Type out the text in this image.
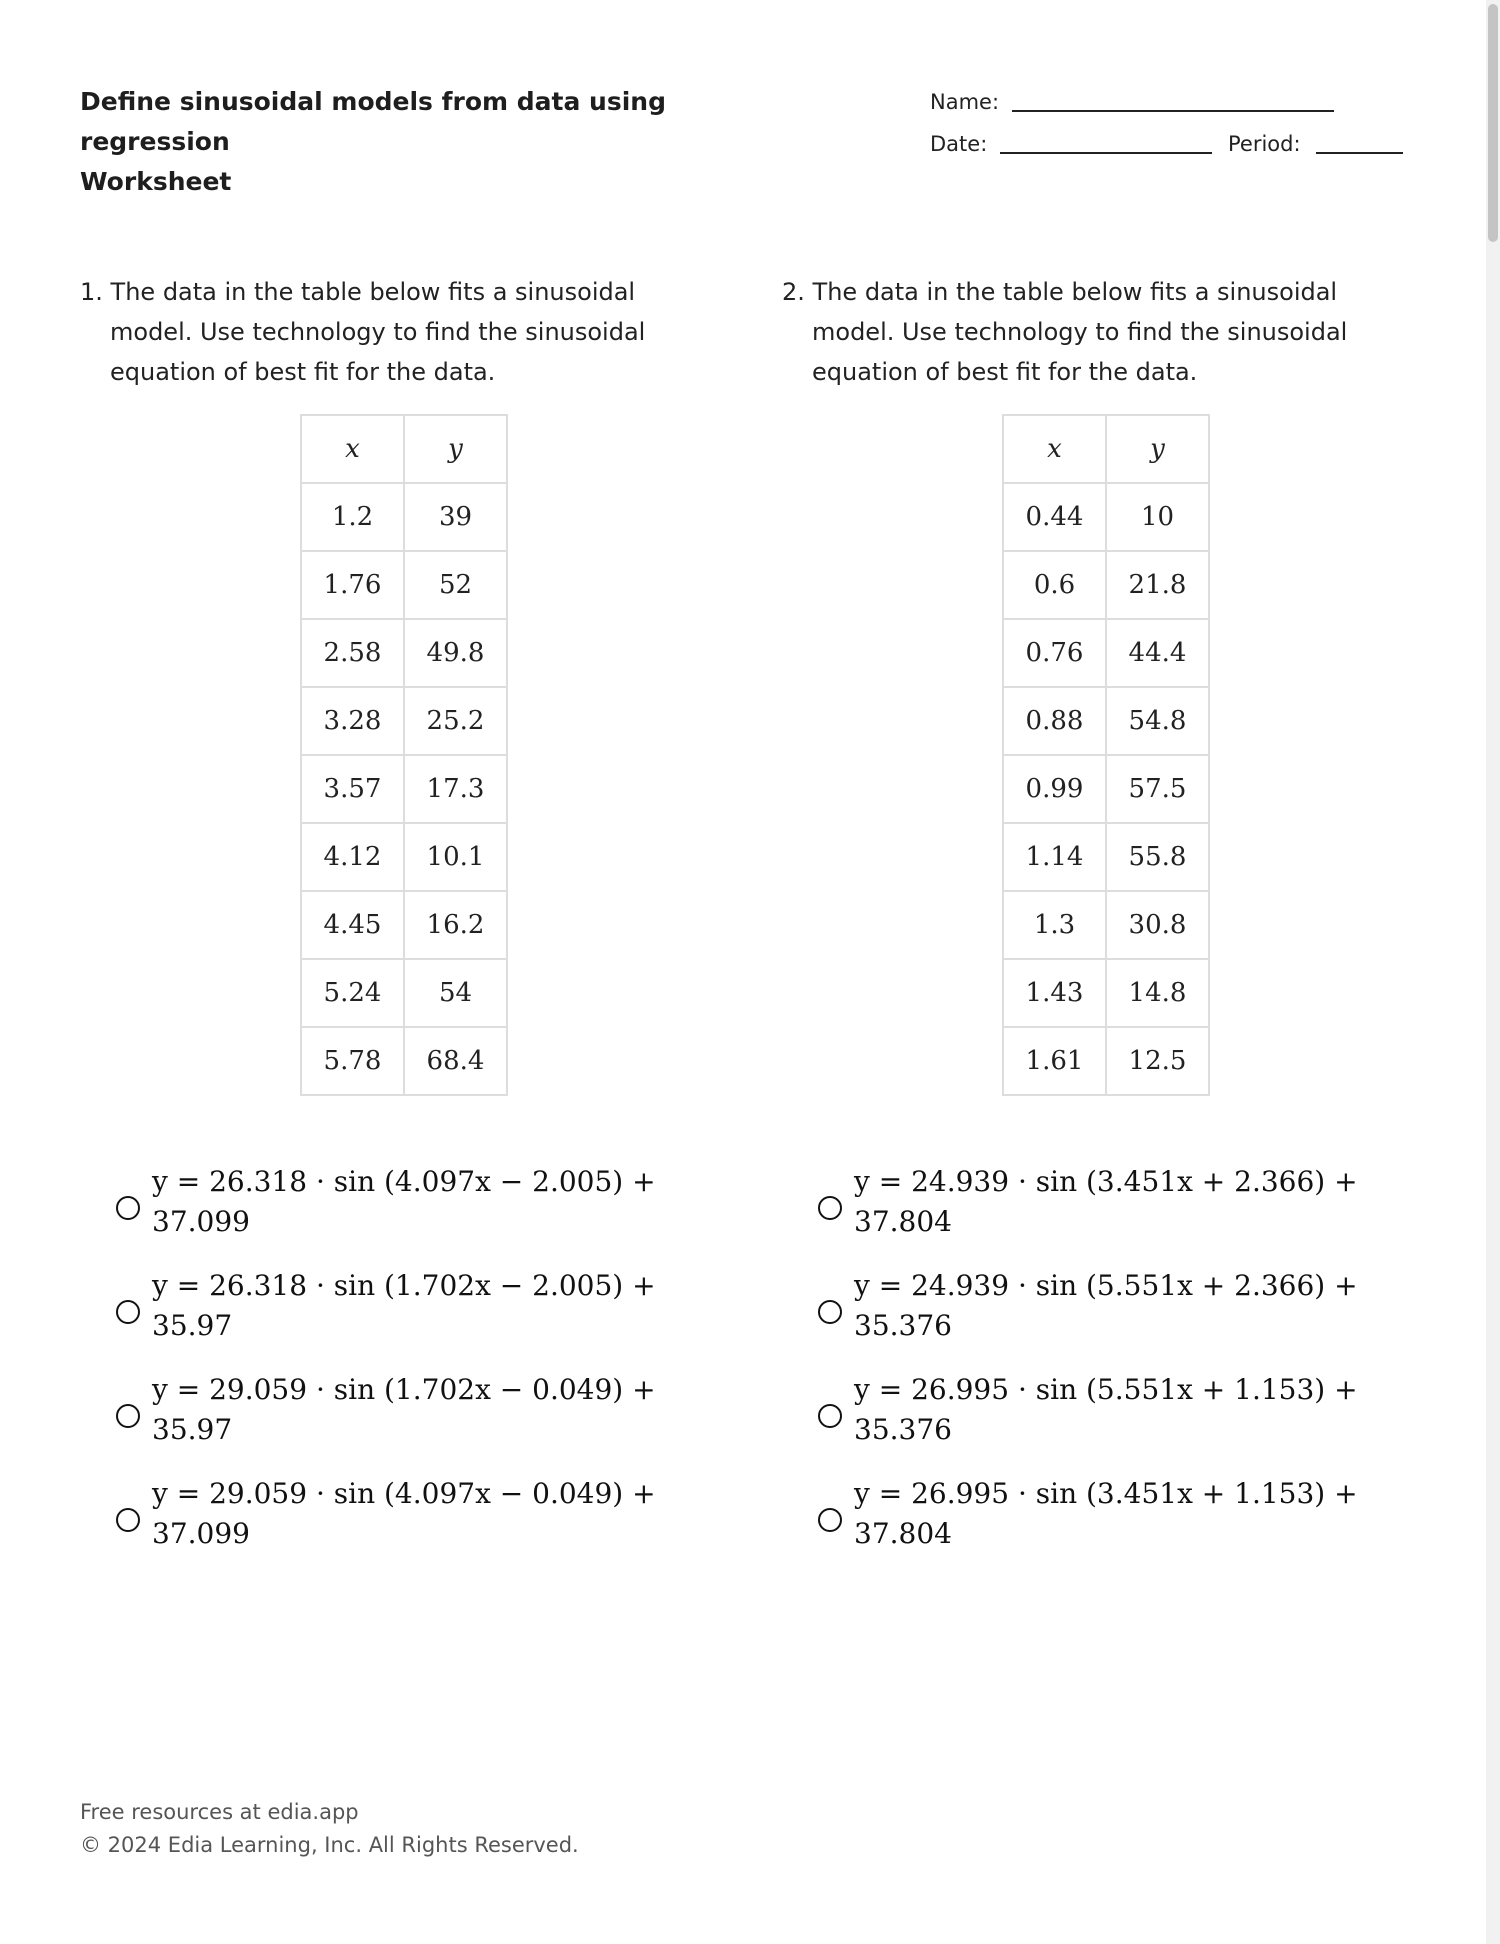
Define sinusoidal models from data using regression
Worksheet
Name:
Date:	Period:
1. The data in the table below fits a sinusoidal model. Use technology to find the sinusoidal equation of best fit for the data.
x	y
1.2	39
1.76	52
2.58	49.8
3.28	25.2
3.57	17.3
4.12	10.1
4.45	16.2
5.24	54
5.78	68.4
y = 26.318 · sin (4.097x − 2.005) + 37.099
y = 26.318 · sin (1.702x − 2.005) + 35.97
y = 29.059 · sin (1.702x − 0.049) + 35.97
y = 29.059 · sin (4.097x − 0.049) + 37.099
2. The data in the table below fits a sinusoidal model. Use technology to find the sinusoidal equation of best fit for the data.
x	y
0.44	10
0.6	21.8
0.76	44.4
0.88	54.8
0.99	57.5
1.14	55.8
1.3	30.8
1.43	14.8
1.61	12.5
y = 24.939 · sin (3.451x + 2.366) + 37.804
y = 24.939 · sin (5.551x + 2.366) + 35.376
y = 26.995 · sin (5.551x + 1.153) + 35.376
y = 26.995 · sin (3.451x + 1.153) + 37.804
Free resources at edia.app
© 2024 Edia Learning, Inc. All Rights Reserved.
